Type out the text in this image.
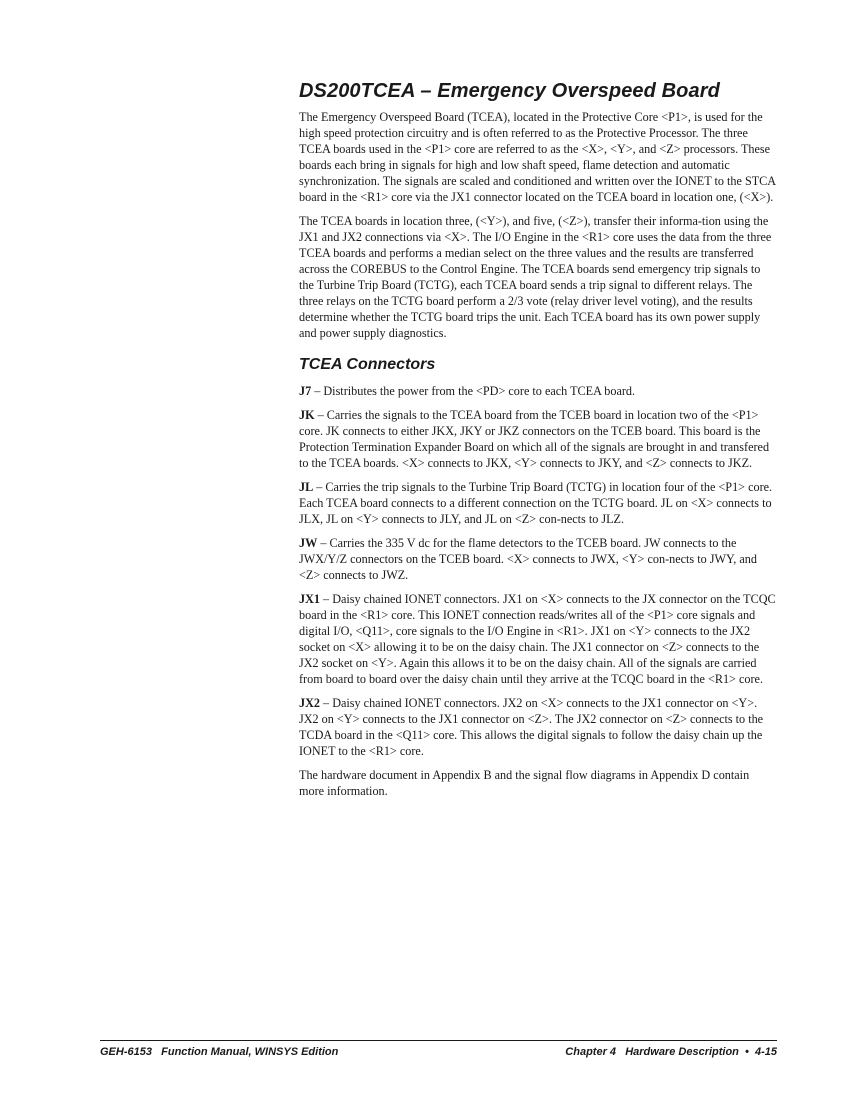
DS200TCEA – Emergency Overspeed Board

The Emergency Overspeed Board (TCEA), located in the Protective Core <P1>, is used for the high speed protection circuitry and is often referred to as the Protective Processor. The three TCEA boards used in the <P1> core are referred to as the <X>, <Y>, and <Z> processors. These boards each bring in signals for high and low shaft speed, flame detection and automatic synchronization. The signals are scaled and conditioned and written over the IONET to the STCA board in the <R1> core via the JX1 connector located on the TCEA board in location one, (<X>).

The TCEA boards in location three, (<Y>), and five, (<Z>), transfer their informa-tion using the JX1 and JX2 connections via <X>. The I/O Engine in the <R1> core uses the data from the three TCEA boards and performs a median select on the three values and the results are transferred across the COREBUS to the Control Engine. The TCEA boards send emergency trip signals to the Turbine Trip Board (TCTG), each TCEA board sends a trip signal to different relays. The three relays on the TCTG board perform a 2/3 vote (relay driver level voting), and the results determine whether the TCTG board trips the unit. Each TCEA board has its own power supply and power supply diagnostics.

TCEA Connectors

J7 – Distributes the power from the <PD> core to each TCEA board.

JK – Carries the signals to the TCEA board from the TCEB board in location two of the <P1> core. JK connects to either JKX, JKY or JKZ connectors on the TCEB board. This board is the Protection Termination Expander Board on which all of the signals are brought in and transfered to the TCEA boards. <X> connects to JKX, <Y> connects to JKY, and <Z> connects to JKZ.

JL – Carries the trip signals to the Turbine Trip Board (TCTG) in location four of the <P1> core. Each TCEA board connects to a different connection on the TCTG board. JL on <X> connects to JLX, JL on <Y> connects to JLY, and JL on <Z> con-nects to JLZ.

JW – Carries the 335 V dc for the flame detectors to the TCEB board. JW connects to the JWX/Y/Z connectors on the TCEB board. <X> connects to JWX, <Y> con-nects to JWY, and <Z> connects to JWZ.

JX1 – Daisy chained IONET connectors. JX1 on <X> connects to the JX connector on the TCQC board in the <R1> core. This IONET connection reads/writes all of the <P1> core signals and digital I/O, <Q11>, core signals to the I/O Engine in <R1>. JX1 on <Y> connects to the JX2 socket on <X> allowing it to be on the daisy chain. The JX1 connector on <Z> connects to the JX2 socket on <Y>. Again this allows it to be on the daisy chain. All of the signals are carried from board to board over the daisy chain until they arrive at the TCQC board in the <R1> core.

JX2 – Daisy chained IONET connectors. JX2 on <X> connects to the JX1 connector on <Y>. JX2 on <Y> connects to the JX1 connector on <Z>. The JX2 connector on <Z> connects to the TCDA board in the <Q11> core. This allows the digital signals to follow the daisy chain up the IONET to the <R1> core.

The hardware document in Appendix B and the signal flow diagrams in Appendix D contain more information.

GEH-6153   Function Manual, WINSYS Edition	Chapter 4   Hardware Description  •  4-15
